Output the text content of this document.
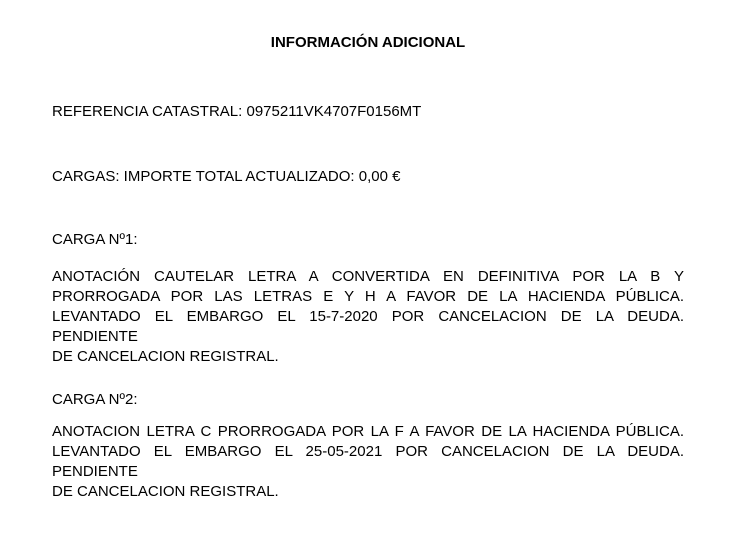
INFORMACIÓN ADICIONAL
REFERENCIA CATASTRAL: 0975211VK4707F0156MT
CARGAS: IMPORTE TOTAL ACTUALIZADO: 0,00 €
CARGA Nº1:
ANOTACIÓN CAUTELAR LETRA A CONVERTIDA EN DEFINITIVA POR LA B Y
PRORROGADA POR LAS LETRAS E Y H A FAVOR DE LA HACIENDA PÚBLICA.
LEVANTADO EL EMBARGO EL 15-7-2020 POR CANCELACION DE LA DEUDA. PENDIENTE
DE CANCELACION REGISTRAL.
CARGA Nº2:
ANOTACION LETRA C PRORROGADA POR LA F A FAVOR DE LA HACIENDA PÚBLICA.
LEVANTADO EL EMBARGO EL 25-05-2021 POR CANCELACION DE LA DEUDA. PENDIENTE
DE CANCELACION REGISTRAL.
